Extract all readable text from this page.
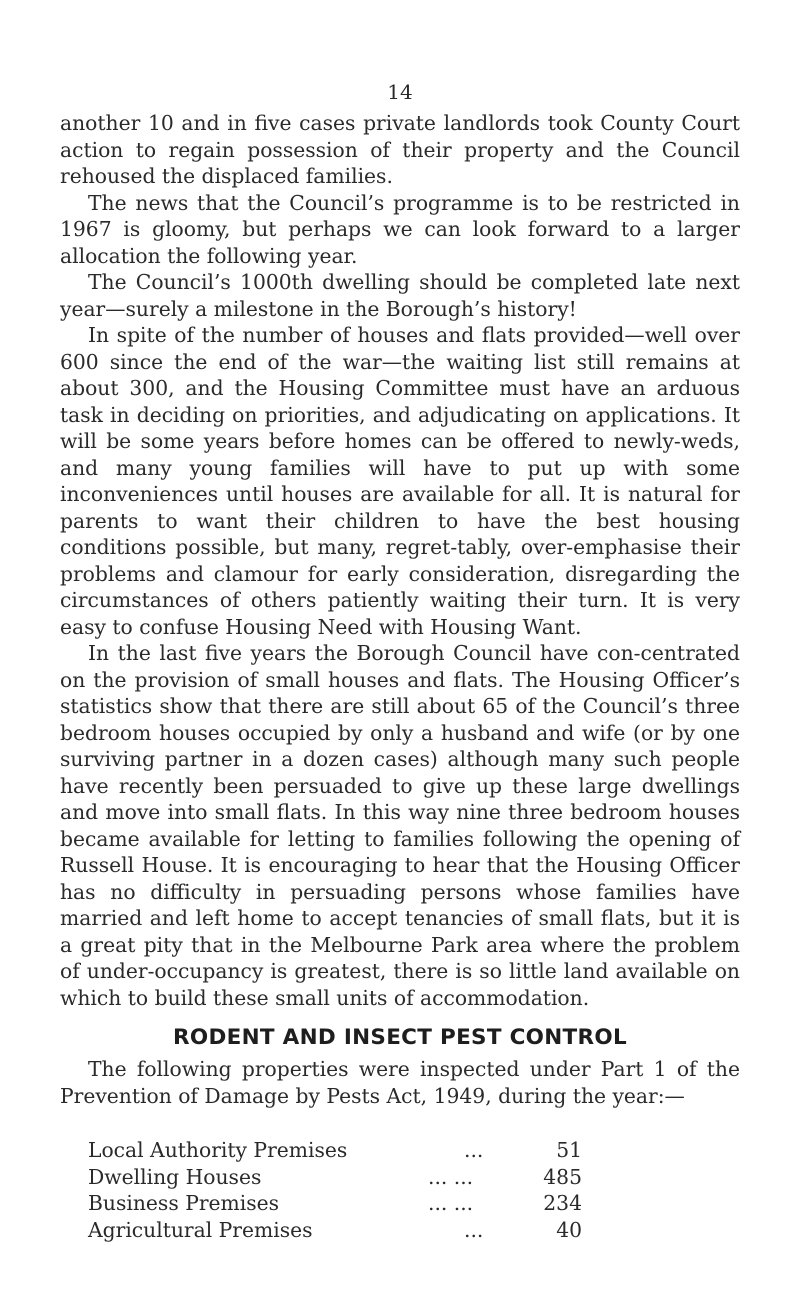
14

another 10 and in five cases private landlords took County Court action to regain possession of their property and the Council rehoused the displaced families.

The news that the Council’s programme is to be restricted in 1967 is gloomy, but perhaps we can look forward to a larger allocation the following year.

The Council’s 1000th dwelling should be completed late next year—surely a milestone in the Borough’s history!

In spite of the number of houses and flats provided—well over 600 since the end of the war—the waiting list still remains at about 300, and the Housing Committee must have an arduous task in deciding on priorities, and adjudicating on applications. It will be some years before homes can be offered to newly-weds, and many young families will have to put up with some inconveniences until houses are available for all. It is natural for parents to want their children to have the best housing conditions possible, but many, regret-tably, over-emphasise their problems and clamour for early consideration, disregarding the circumstances of others patiently waiting their turn. It is very easy to confuse Housing Need with Housing Want.

In the last five years the Borough Council have con-centrated on the provision of small houses and flats. The Housing Officer’s statistics show that there are still about 65 of the Council’s three bedroom houses occupied by only a husband and wife (or by one surviving partner in a dozen cases) although many such people have recently been persuaded to give up these large dwellings and move into small flats. In this way nine three bedroom houses became available for letting to families following the opening of Russell House. It is encouraging to hear that the Housing Officer has no difficulty in persuading persons whose families have married and left home to accept tenancies of small flats, but it is a great pity that in the Melbourne Park area where the problem of under-occupancy is greatest, there is so little land available on which to build these small units of accommodation.

RODENT AND INSECT PEST CONTROL

The following properties were inspected under Part 1 of the Prevention of Damage by Pests Act, 1949, during the year:—

Local Authority Premises	...	51
Dwelling Houses	... ...	485
Business Premises	... ...	234
Agricultural Premises	...	40
